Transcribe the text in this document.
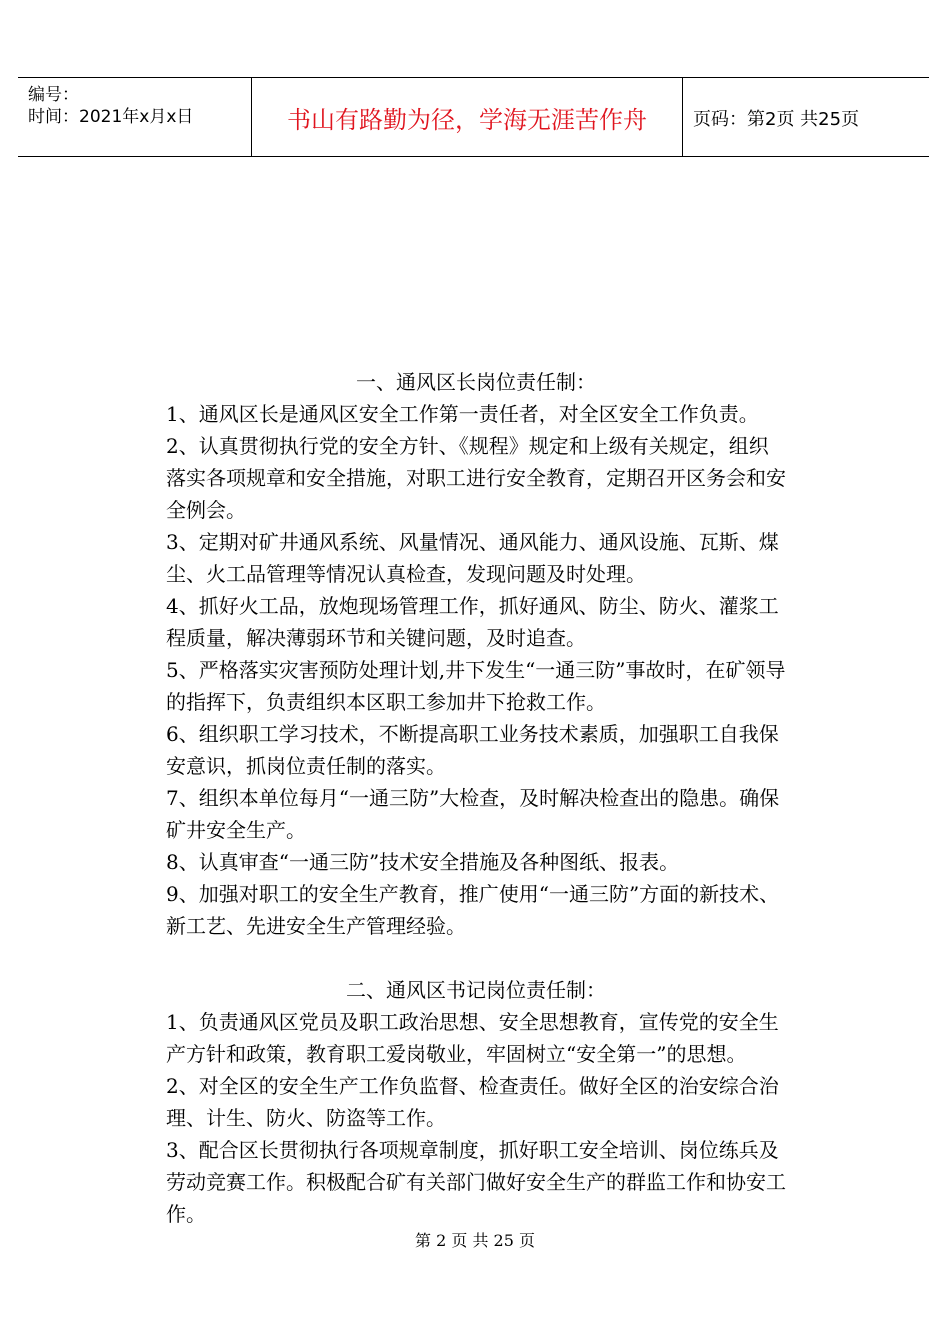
编号：
时间：2021年x月x日	书山有路勤为径，学海无涯苦作舟	页码：第2页 共25页
一、通风区长岗位责任制：

1、通风区长是通风区安全工作第一责任者，对全区安全工作负责。

2、认真贯彻执行党的安全方针、《规程》规定和上级有关规定，组织落实各项规章和安全措施，对职工进行安全教育，定期召开区务会和安全例会。

3、定期对矿井通风系统、风量情况、通风能力、通风设施、瓦斯、煤尘、火工品管理等情况认真检查，发现问题及时处理。

4、抓好火工品，放炮现场管理工作，抓好通风、防尘、防火、灌浆工程质量，解决薄弱环节和关键问题，及时追查。

5、严格落实灾害预防处理计划,井下发生“一通三防”事故时，在矿领导的指挥下，负责组织本区职工参加井下抢救工作。

6、组织职工学习技术，不断提高职工业务技术素质，加强职工自我保安意识，抓岗位责任制的落实。

7、组织本单位每月“一通三防”大检查，及时解决检查出的隐患。确保矿井安全生产。

8、认真审查“一通三防”技术安全措施及各种图纸、报表。

9、加强对职工的安全生产教育，推广使用“一通三防”方面的新技术、新工艺、先进安全生产管理经验。

二、通风区书记岗位责任制：

1、负责通风区党员及职工政治思想、安全思想教育，宣传党的安全生产方针和政策，教育职工爱岗敬业，牢固树立“安全第一”的思想。

2、对全区的安全生产工作负监督、检查责任。做好全区的治安综合治理、计生、防火、防盗等工作。

3、配合区长贯彻执行各项规章制度，抓好职工安全培训、岗位练兵及劳动竞赛工作。积极配合矿有关部门做好安全生产的群监工作和协安工作。

第 2 页 共 25 页
